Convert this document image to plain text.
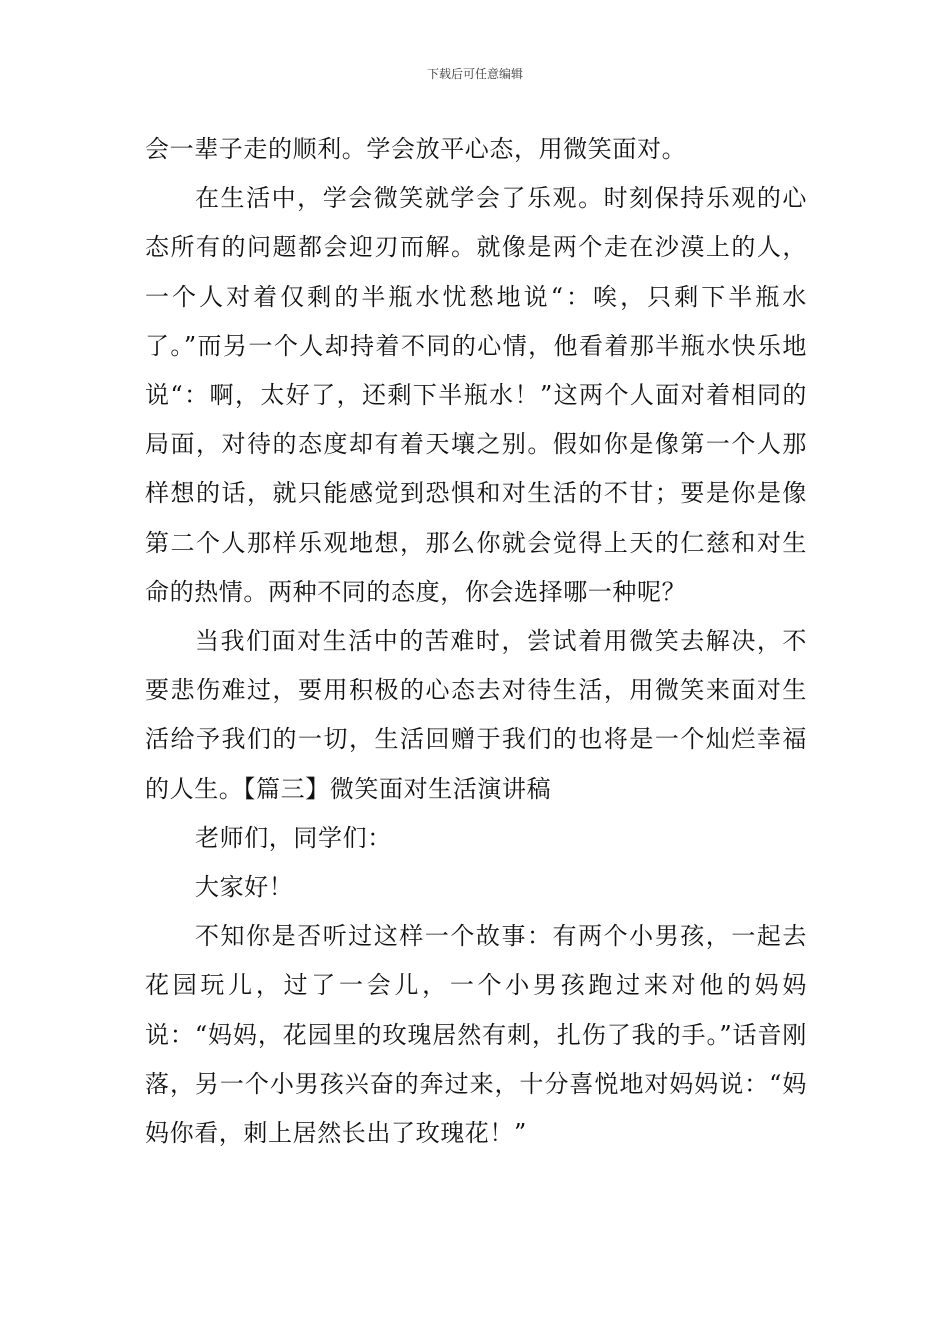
下载后可任意编辑

会一辈子走的顺利。学会放平心态，用微笑面对。

在生活中，学会微笑就学会了乐观。时刻保持乐观的心态所有的问题都会迎刃而解。就像是两个走在沙漠上的人，一个人对着仅剩的半瓶水忧愁地说“：唉，只剩下半瓶水了。”而另一个人却持着不同的心情，他看着那半瓶水快乐地说“：啊，太好了，还剩下半瓶水！”这两个人面对着相同的局面，对待的态度却有着天壤之别。假如你是像第一个人那样想的话，就只能感觉到恐惧和对生活的不甘；要是你是像第二个人那样乐观地想，那么你就会觉得上天的仁慈和对生命的热情。两种不同的态度，你会选择哪一种呢？

当我们面对生活中的苦难时，尝试着用微笑去解决，不要悲伤难过，要用积极的心态去对待生活，用微笑来面对生活给予我们的一切，生活回赠于我们的也将是一个灿烂幸福的人生。【篇三】微笑面对生活演讲稿

老师们，同学们：

大家好！

不知你是否听过这样一个故事：有两个小男孩，一起去花园玩儿，过了一会儿，一个小男孩跑过来对他的妈妈说：“妈妈，花园里的玫瑰居然有刺，扎伤了我的手。”话音刚落，另一个小男孩兴奋的奔过来，十分喜悦地对妈妈说：“妈妈你看，刺上居然长出了玫瑰花！”
